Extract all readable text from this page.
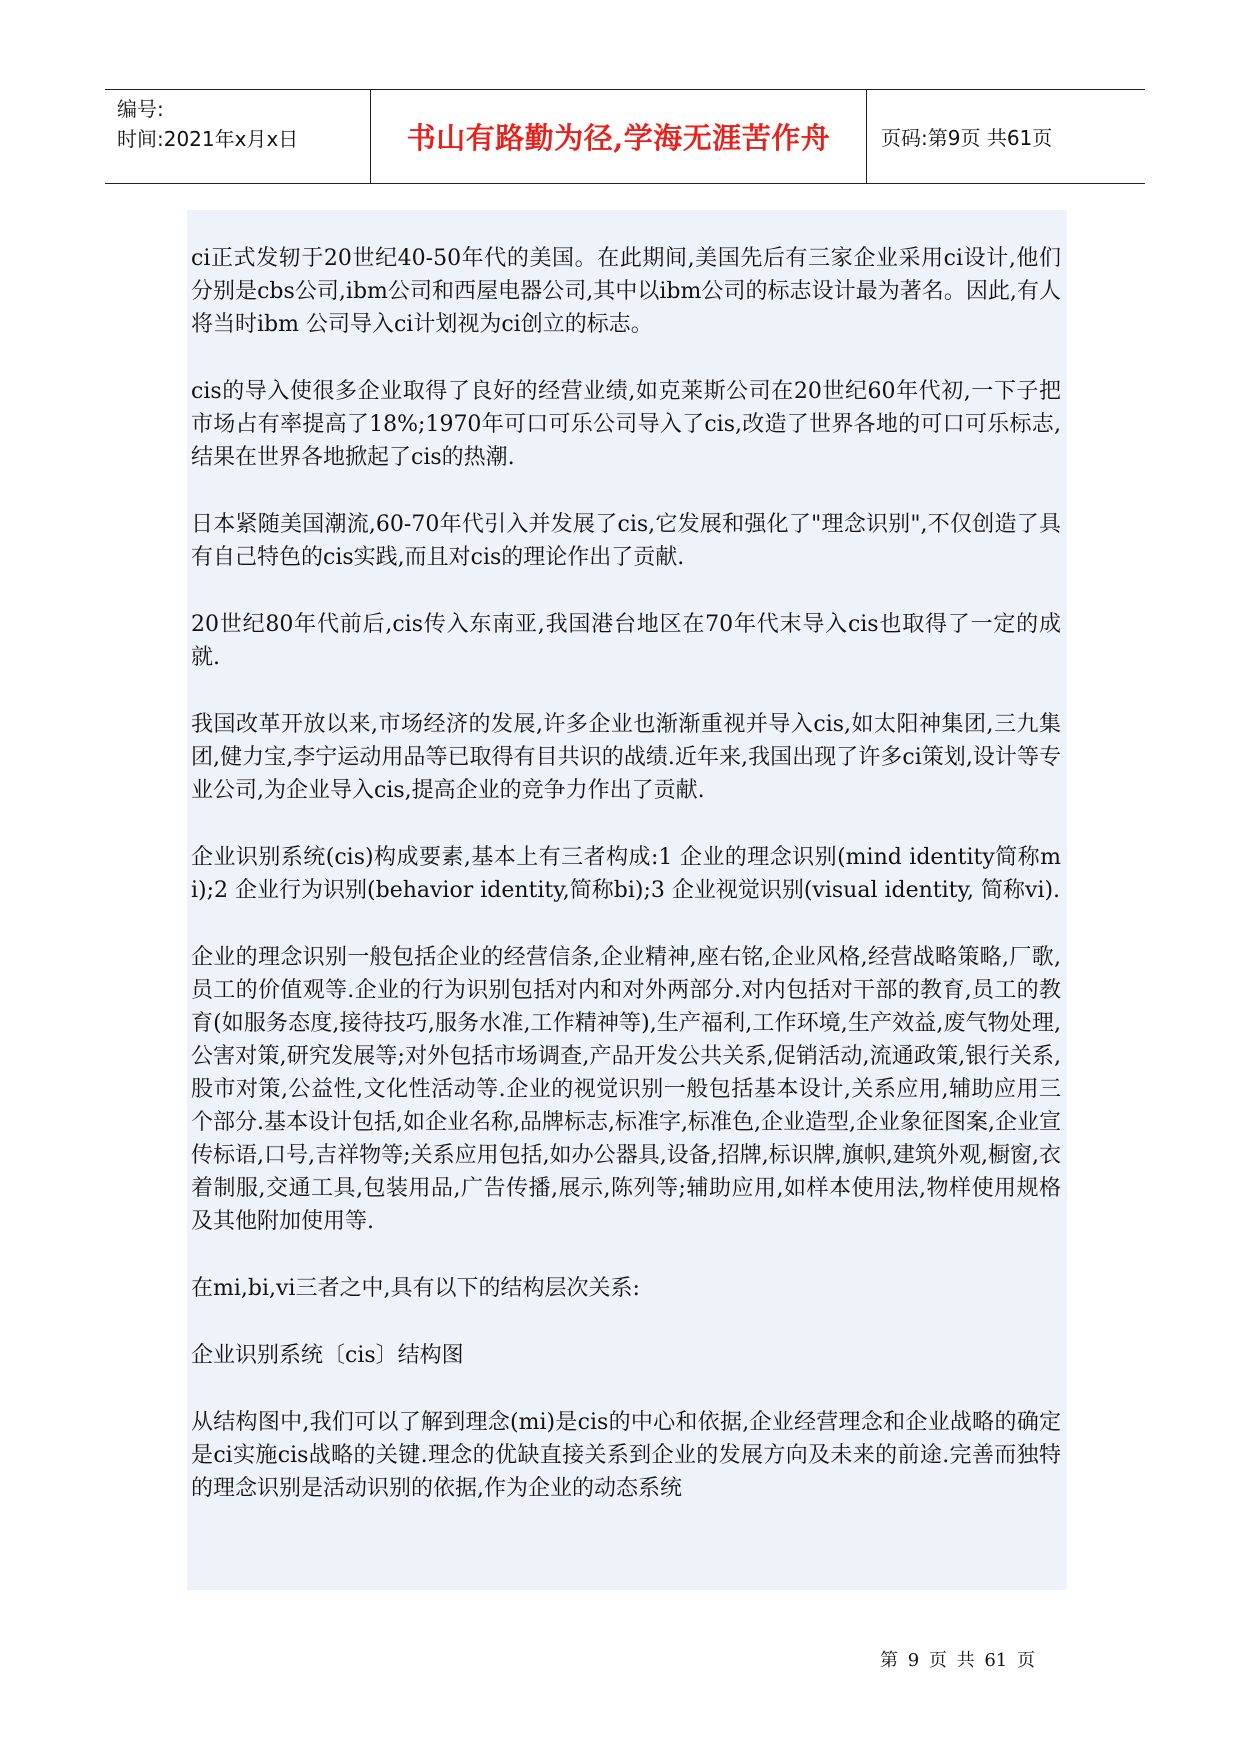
编号:
时间:2021年x月x日	书山有路勤为径,学海无涯苦作舟	页码:第9页 共61页

ci正式发轫于20世纪40-50年代的美国。在此期间,美国先后有三家企业采用ci设计,他们分别是cbs公司,ibm公司和西屋电器公司,其中以ibm公司的标志设计最为著名。因此,有人将当时ibm 公司导入ci计划视为ci创立的标志。

cis的导入使很多企业取得了良好的经营业绩,如克莱斯公司在20世纪60年代初,一下子把市场占有率提高了18%;1970年可口可乐公司导入了cis,改造了世界各地的可口可乐标志,结果在世界各地掀起了cis的热潮.

日本紧随美国潮流,60-70年代引入并发展了cis,它发展和强化了"理念识别",不仅创造了具有自己特色的cis实践,而且对cis的理论作出了贡献.

20世纪80年代前后,cis传入东南亚,我国港台地区在70年代末导入cis也取得了一定的成就.

我国改革开放以来,市场经济的发展,许多企业也渐渐重视并导入cis,如太阳神集团,三九集团,健力宝,李宁运动用品等已取得有目共识的战绩.近年来,我国出现了许多ci策划,设计等专业公司,为企业导入cis,提高企业的竞争力作出了贡献.

企业识别系统(cis)构成要素,基本上有三者构成:1 企业的理念识别(mind identity简称mi);2 企业行为识别(behavior identity,简称bi);3 企业视觉识别(visual identity, 简称vi).

企业的理念识别一般包括企业的经营信条,企业精神,座右铭,企业风格,经营战略策略,厂歌,员工的价值观等.企业的行为识别包括对内和对外两部分.对内包括对干部的教育,员工的教育(如服务态度,接待技巧,服务水准,工作精神等),生产福利,工作环境,生产效益,废气物处理,公害对策,研究发展等;对外包括市场调查,产品开发公共关系,促销活动,流通政策,银行关系,股市对策,公益性,文化性活动等.企业的视觉识别一般包括基本设计,关系应用,辅助应用三个部分.基本设计包括,如企业名称,品牌标志,标准字,标准色,企业造型,企业象征图案,企业宣传标语,口号,吉祥物等;关系应用包括,如办公器具,设备,招牌,标识牌,旗帜,建筑外观,橱窗,衣着制服,交通工具,包装用品,广告传播,展示,陈列等;辅助应用,如样本使用法,物样使用规格及其他附加使用等.

在mi,bi,vi三者之中,具有以下的结构层次关系:

企业识别系统〔cis〕结构图

从结构图中,我们可以了解到理念(mi)是cis的中心和依据,企业经营理念和企业战略的确定是ci实施cis战略的关键.理念的优缺直接关系到企业的发展方向及未来的前途.完善而独特的理念识别是活动识别的依据,作为企业的动态系统

第 9 页 共 61 页
